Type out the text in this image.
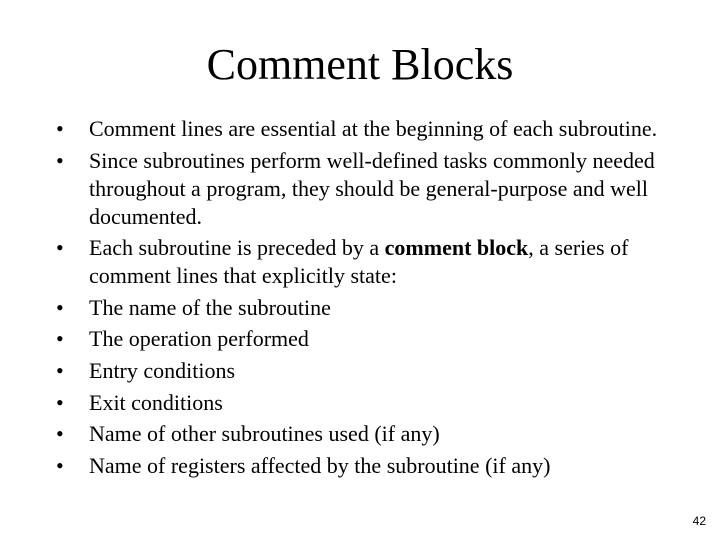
Comment Blocks
•	Comment lines are essential at the beginning of each subroutine.
•	Since subroutines perform well-defined tasks commonly needed throughout a program, they should be general-purpose and well documented.
•	Each subroutine is preceded by a comment block, a series of comment lines that explicitly state:
•	The name of the subroutine
•	The operation performed
•	Entry conditions
•	Exit conditions
•	Name of other subroutines used (if any)
•	Name of registers affected by the subroutine (if any)
42
